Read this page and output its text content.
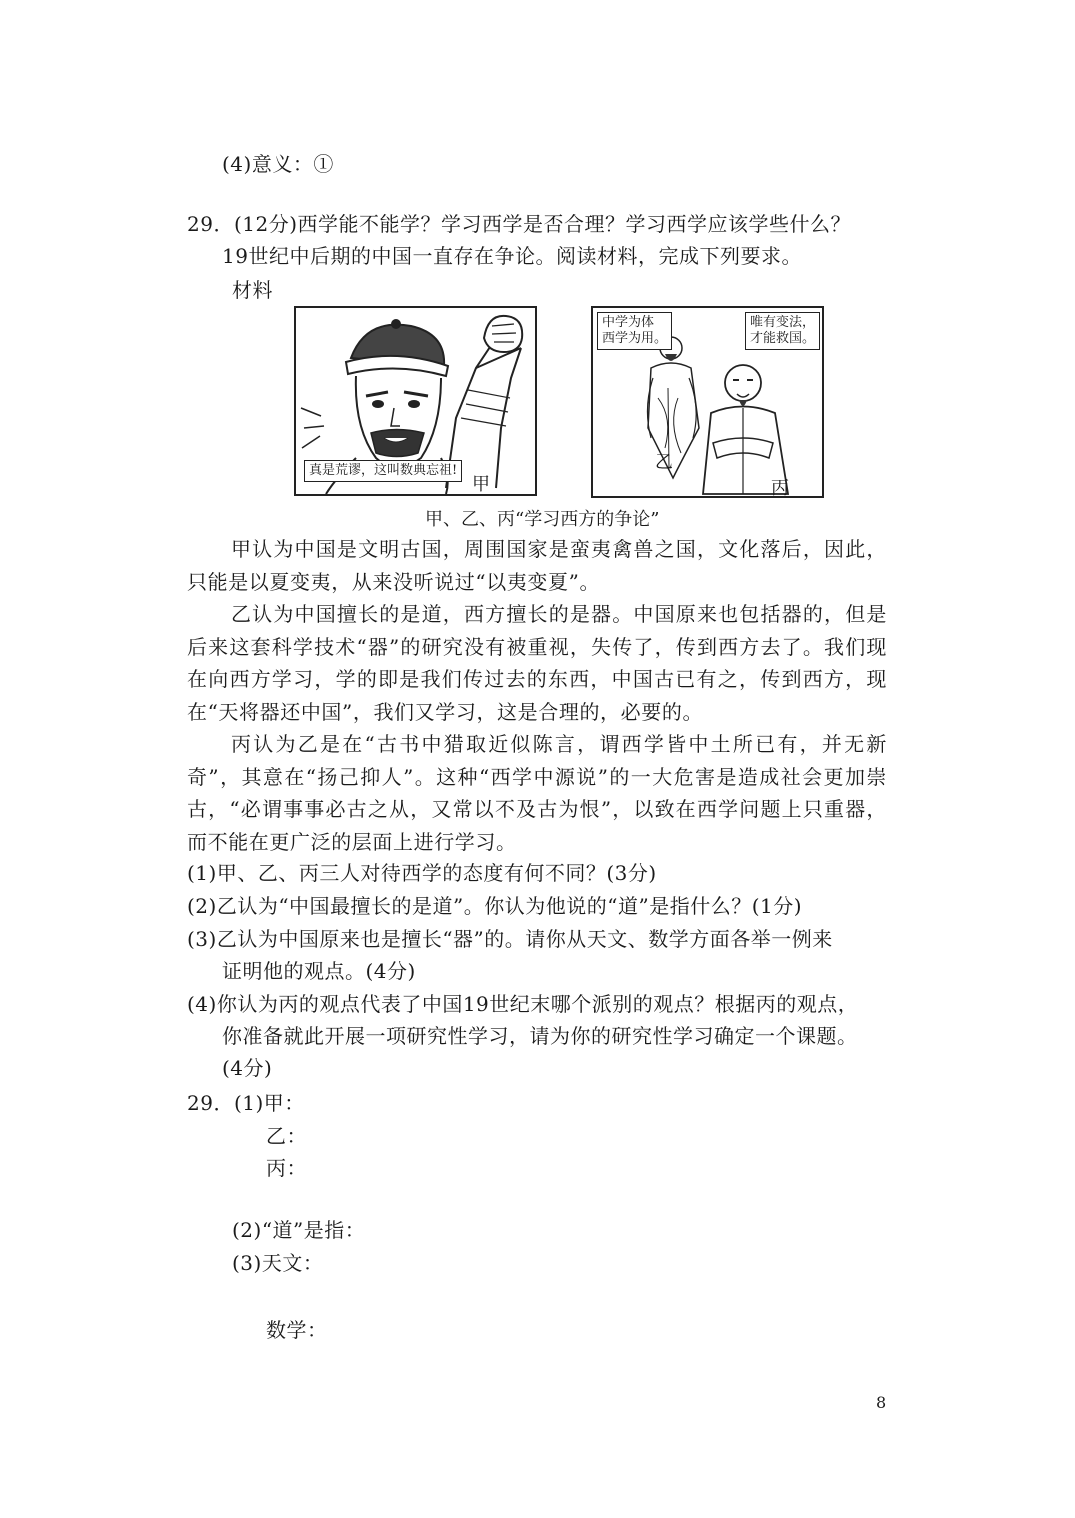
(4)意义：①
29．(12分)西学能不能学？学习西学是否合理？学习西学应该学些什么？
19世纪中后期的中国一直存在争论。阅读材料，完成下列要求。
材料
真是荒谬，这叫数典忘祖!
甲
中学为体
西学为用。
唯有变法，
才能救国。
乙
丙
甲、乙、丙“学习西方的争论”
甲认为中国是文明古国，周围国家是蛮夷禽兽之国，文化落后，因此，只能是以夏变夷，从来没听说过“以夷变夏”。
乙认为中国擅长的是道，西方擅长的是器。中国原来也包括器的，但是后来这套科学技术“器”的研究没有被重视，失传了，传到西方去了。我们现在向西方学习，学的即是我们传过去的东西，中国古已有之，传到西方，现在“天将器还中国”，我们又学习，这是合理的，必要的。
丙认为乙是在“古书中猎取近似陈言，谓西学皆中土所已有，并无新奇”，其意在“扬己抑人”。这种“西学中源说”的一大危害是造成社会更加崇古，“必谓事事必古之从，又常以不及古为恨”，以致在西学问题上只重器，而不能在更广泛的层面上进行学习。
(1)甲、乙、丙三人对待西学的态度有何不同？(3分)
(2)乙认为“中国最擅长的是道”。你认为他说的“道”是指什么？(1分)
(3)乙认为中国原来也是擅长“器”的。请你从天文、数学方面各举一例来
证明他的观点。(4分)
(4)你认为丙的观点代表了中国19世纪末哪个派别的观点？根据丙的观点，
你准备就此开展一项研究性学习，请为你的研究性学习确定一个课题。
(4分)
29．(1)甲：
乙：
丙：
(2)“道”是指：
(3)天文：
数学：
8
